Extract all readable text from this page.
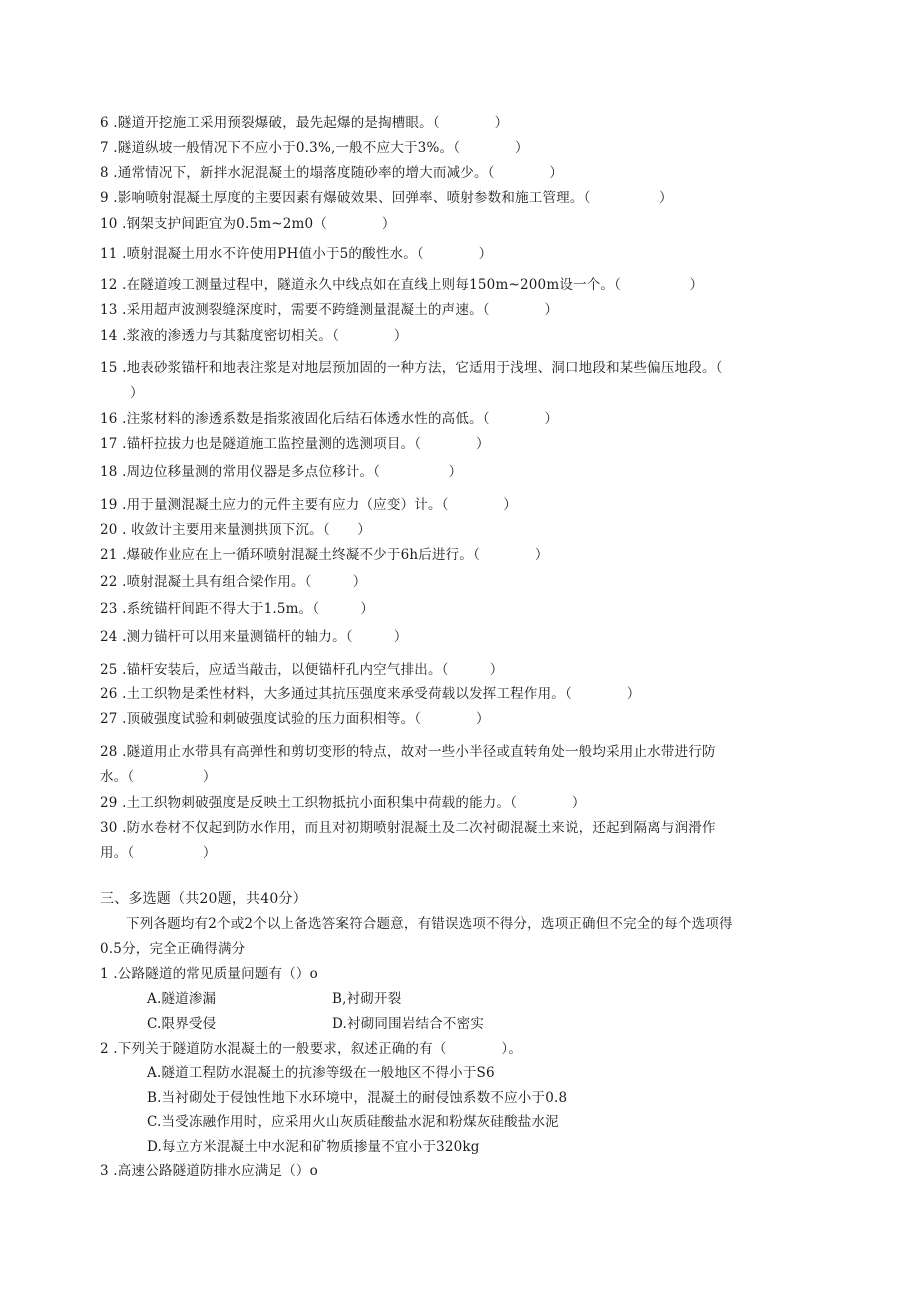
6 .隧道开挖施工采用预裂爆破，最先起爆的是掏槽眼。（　　　　）
7 .隧道纵坡一般情况下不应小于0.3%,一般不应大于3%。（　　　　）
8 .通常情况下，新拌水泥混凝土的塌落度随砂率的增大而减少。（　　　　）
9 .影响喷射混凝土厚度的主要因素有爆破效果、回弹率、喷射参数和施工管理。（　　　　　）
10 .钢架支护间距宜为0.5m~2m0（　　　　）
11 .喷射混凝土用水不许使用PH值小于5的酸性水。（　　　　）
12 .在隧道竣工测量过程中，隧道永久中线点如在直线上则每150m~200m设一个。（　　　　　）
13 .采用超声波测裂缝深度时，需要不跨缝测量混凝土的声速。（　　　　）
14 .浆液的渗透力与其黏度密切相关。（　　　　）
15 .地表砂浆锚杆和地表注浆是对地层预加固的一种方法，它适用于浅埋、洞口地段和某些偏压地段。（
）
16 .注浆材料的渗透系数是指浆液固化后结石体透水性的高低。（　　　　）
17 .锚杆拉拔力也是隧道施工监控量测的选测项目。（　　　　）
18 .周边位移量测的常用仪器是多点位移计。（　　　　　）
19 .用于量测混凝土应力的元件主要有应力（应变）计。（　　　　）
20 . 收敛计主要用来量测拱顶下沉。（　　）
21 .爆破作业应在上一循环喷射混凝土终凝不少于6h后进行。（　　　　）
22 .喷射混凝土具有组合梁作用。（　　　）
23 .系统锚杆间距不得大于1.5m。（　　　）
24 .测力锚杆可以用来量测锚杆的轴力。（　　　）
25 .锚杆安装后，应适当敲击，以便锚杆孔内空气排出。（　　　）
26 .土工织物是柔性材料，大多通过其抗压强度来承受荷载以发挥工程作用。（　　　　）
27 .顶破强度试验和刺破强度试验的压力面积相等。（　　　　）
28 .隧道用止水带具有高弹性和剪切变形的特点，故对一些小半径或直转角处一般均采用止水带进行防
水。（　　　　　）
29 .土工织物刺破强度是反映土工织物抵抗小面积集中荷载的能力。（　　　　）
30 .防水卷材不仅起到防水作用，而且对初期喷射混凝土及二次衬砌混凝土来说，还起到隔离与润滑作
用。（　　　　　）
三、多选题（共20题，共40分）
下列各题均有2个或2个以上备选答案符合题意，有错误选项不得分，选项正确但不完全的每个选项得
0.5分，完全正确得满分
1 .公路隧道的常见质量问题有（）o
A.隧道渗漏	B,衬砌开裂
C.限界受侵	D.衬砌同围岩结合不密实
2 .下列关于隧道防水混凝土的一般要求，叙述正确的有（　　　　）。
A.隧道工程防水混凝土的抗渗等级在一般地区不得小于S6
B.当衬砌处于侵蚀性地下水环境中，混凝土的耐侵蚀系数不应小于0.8
C.当受冻融作用时，应采用火山灰质硅酸盐水泥和粉煤灰硅酸盐水泥
D.每立方米混凝土中水泥和矿物质掺量不宜小于320kg
3 .高速公路隧道防排水应满足（）o
